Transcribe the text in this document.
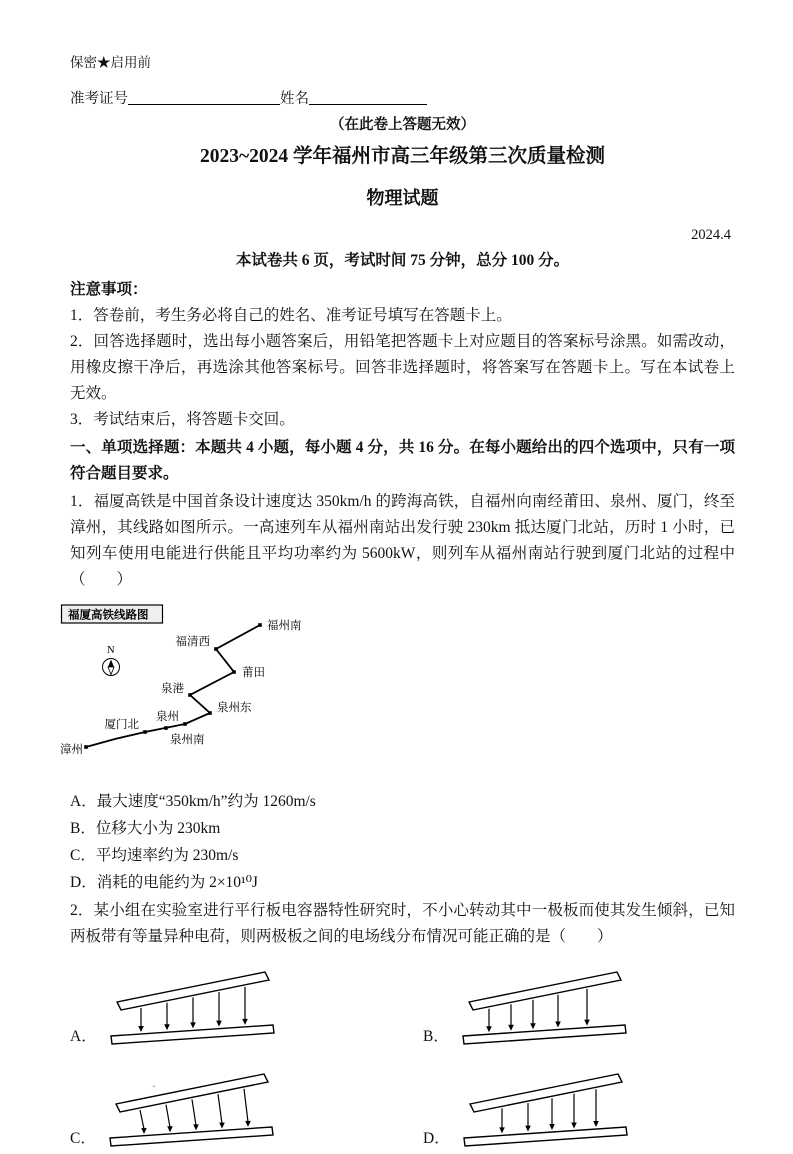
保密★启用前
准考证号	姓名
（在此卷上答题无效）
2023~2024 学年福州市高三年级第三次质量检测
物理试题
2024.4
本试卷共 6 页，考试时间 75 分钟，总分 100 分。
注意事项：
1．答卷前，考生务必将自己的姓名、准考证号填写在答题卡上。
2．回答选择题时，选出每小题答案后，用铅笔把答题卡上对应题目的答案标号涂黑。如需改动，用橡皮擦干净后，再选涂其他答案标号。回答非选择题时，将答案写在答题卡上。写在本试卷上无效。
3．考试结束后，将答题卡交回。
一、单项选择题：本题共 4 小题，每小题 4 分，共 16 分。在每小题给出的四个选项中，只有一项符合题目要求。
1．福厦高铁是中国首条设计速度达 350km/h 的跨海高铁，自福州向南经莆田、泉州、厦门，终至漳州，其线路如图所示。一高速列车从福州南站出发行驶 230km 抵达厦门北站，历时 1 小时，已知列车使用电能进行供能且平均功率约为 5600kW，则列车从福州南站行驶到厦门北站的过程中（　　）
福厦高铁线路图
N
福州南
福清西
莆田
泉港
泉州东
泉州
厦门北
泉州南
漳州
A．最大速度“350km/h”约为 1260m/s
B．位移大小为 230km
C．平均速率约为 230m/s
D．消耗的电能约为 2×10¹⁰J
2．某小组在实验室进行平行板电容器特性研究时，不小心转动其中一极板而使其发生倾斜，已知两板带有等量异种电荷，则两极板之间的电场线分布情况可能正确的是（　　）
A．	B．
C．	D．
·
